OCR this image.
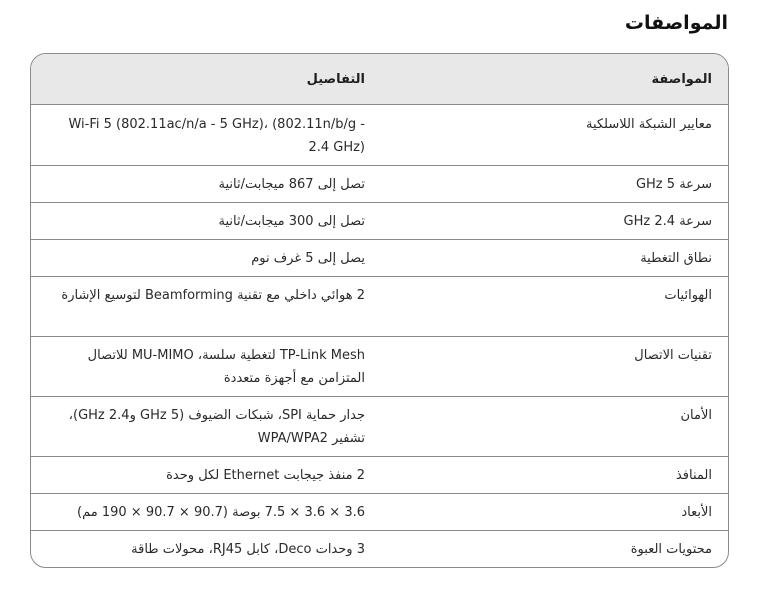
المواصفات
المواصفة	التفاصيل
معايير الشبكة اللاسلكية	Wi-Fi 5 (802.11ac/n/a - 5 GHz)، (802.11n/b/g - 2.4 GHz)
سرعة 5 GHz	تصل إلى 867 ميجابت/ثانية
سرعة 2.4 GHz	تصل إلى 300 ميجابت/ثانية
نطاق التغطية	يصل إلى 5 غرف نوم
الهوائيات	2 هوائي داخلي مع تقنية Beamforming لتوسيع الإشارة
تقنيات الاتصال	TP-Link Mesh لتغطية سلسة، MU-MIMO للاتصال المتزامن مع أجهزة متعددة
الأمان	جدار حماية SPI، شبكات الضيوف (5 GHz و2.4 GHz)، تشفير WPA/WPA2
المنافذ	2 منفذ جيجابت Ethernet لكل وحدة
الأبعاد	3.6 × 3.6 × 7.5 بوصة (90.7 × 90.7 × 190 مم)
محتويات العبوة	3 وحدات Deco، كابل RJ45، محولات طاقة
